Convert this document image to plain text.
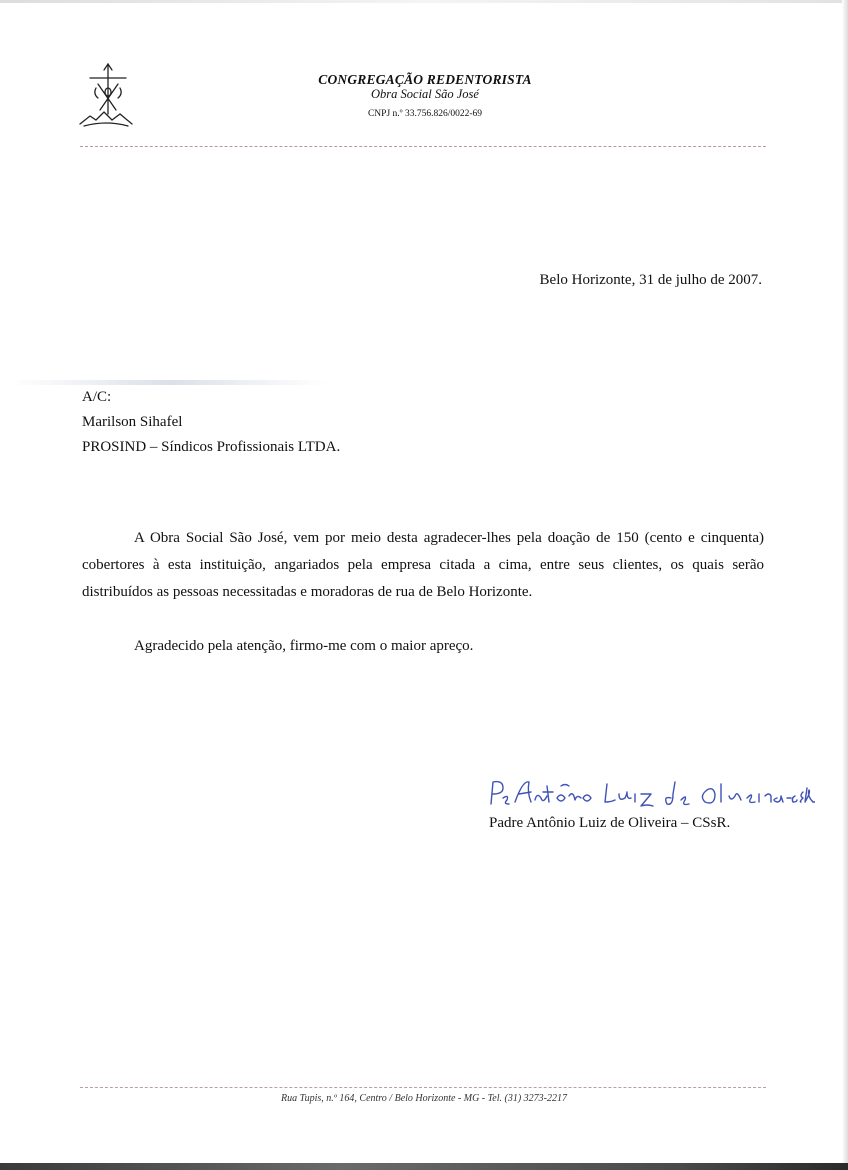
CONGREGAÇÃO REDENTORISTA
Obra Social São José
CNPJ n.º 33.756.826/0022-69
Belo Horizonte, 31 de julho de 2007.
A/C:
Marilson Sihafel
PROSIND – Síndicos Profissionais LTDA.
A Obra Social São José, vem por meio desta agradecer-lhes pela doação de 150 (cento e cinquenta) cobertores à esta instituição, angariados pela empresa citada a cima, entre seus clientes, os quais serão distribuídos as pessoas necessitadas e moradoras de rua de Belo Horizonte.
Agradecido pela atenção, firmo-me com o maior apreço.
Padre Antônio Luiz de Oliveira – CSsR.
Rua Tupis, n.º 164, Centro / Belo Horizonte - MG - Tel. (31) 3273-2217
